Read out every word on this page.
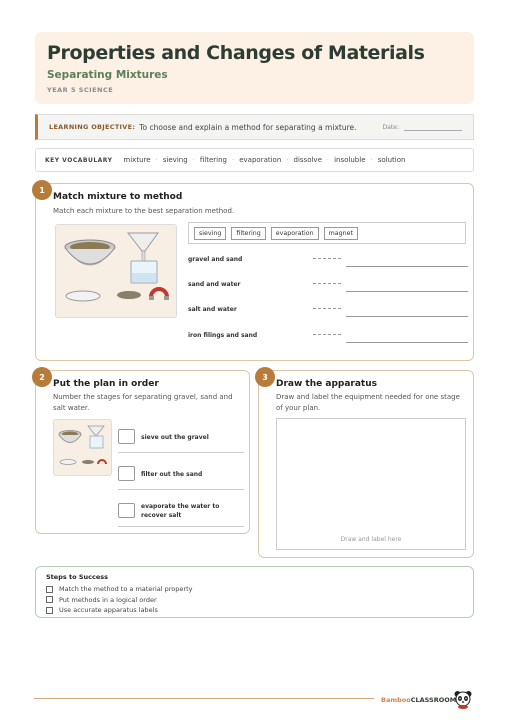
Properties and Changes of Materials
Separating Mixtures
YEAR 5 SCIENCE
LEARNING OBJECTIVE: To choose and explain a method for separating a mixture.	Date:
KEY VOCABULARY	mixture · sieving · filtering · evaporation · dissolve · insoluble · solution
1
Match mixture to method
Match each mixture to the best separation method.
sieving	filtering	evaporation	magnet
gravel and sand
sand and water
salt and water
iron filings and sand
2
Put the plan in order
Number the stages for separating gravel, sand and salt water.
sieve out the gravel
filter out the sand
evaporate the water to recover salt
3
Draw the apparatus
Draw and label the equipment needed for one stage of your plan.
Draw and label here
Steps to Success
Match the method to a material property
Put methods in a logical order
Use accurate apparatus labels
BambooCLASSROOM
